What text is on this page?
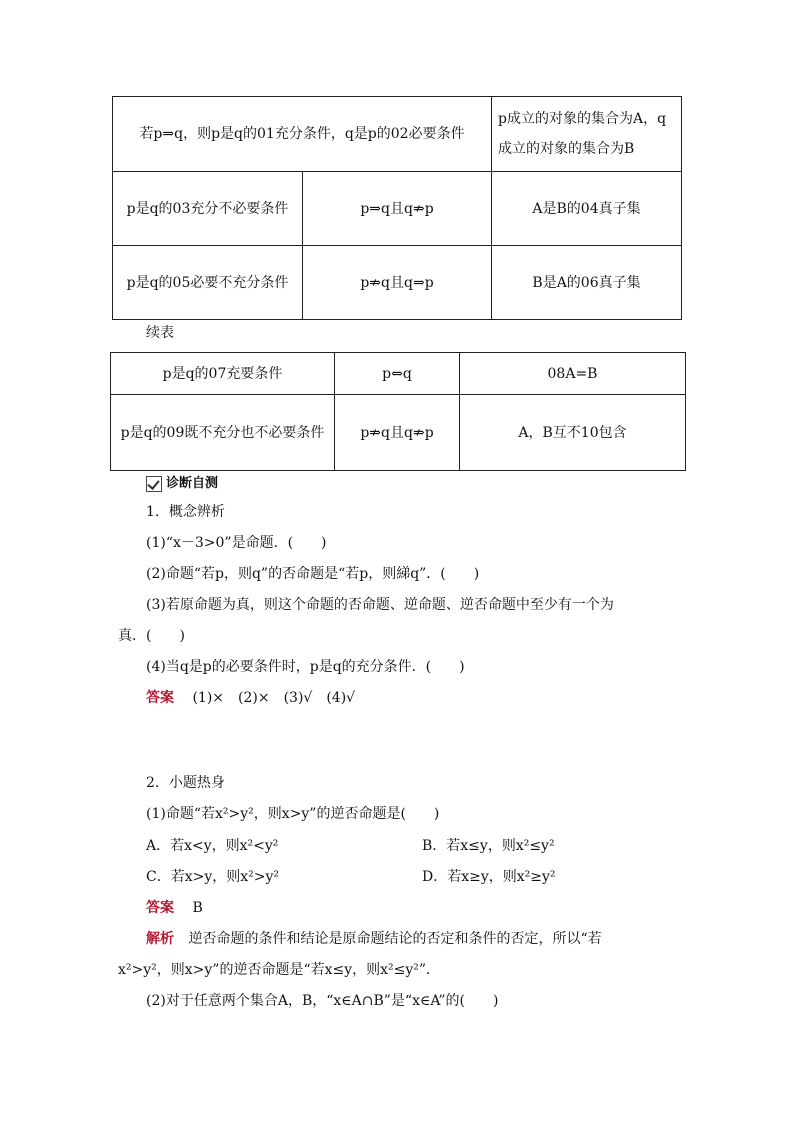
若p⇒q，则p是q的01充分条件，q是p的02必要条件		p成立的对象的集合为A，q成立的对象的集合为B
p是q的03充分不必要条件	p⇒q且q⇏p	A是B的04真子集
p是q的05必要不充分条件	p⇏q且q⇒p	B是A的06真子集
续表
p是q的07充要条件	p⇔q	08A=B
p是q的09既不充分也不必要条件	p⇏q且q⇏p	A，B互不10包含
诊断自测
1．概念辨析
(1)“x－3>0”是命题．(　　)
(2)命题“若p，则q”的否命题是“若p，则綈q”．(　　)
(3)若原命题为真，则这个命题的否命题、逆命题、逆否命题中至少有一个为
真．(　　)
(4)当q是p的必要条件时，p是q的充分条件．(　　)
答案 (1)×　(2)×　(3)√　(4)√
2．小题热身
(1)命题“若x²>y²，则x>y”的逆否命题是(　　)
A．若x<y，则x²<y²	B．若x≤y，则x²≤y²
C．若x>y，则x²>y²	D．若x≥y，则x²≥y²
答案 B
解析 逆否命题的条件和结论是原命题结论的否定和条件的否定，所以“若
x²>y²，则x>y”的逆否命题是“若x≤y，则x²≤y²”．
(2)对于任意两个集合A，B，“x∈A∩B”是“x∈A”的(　　)
